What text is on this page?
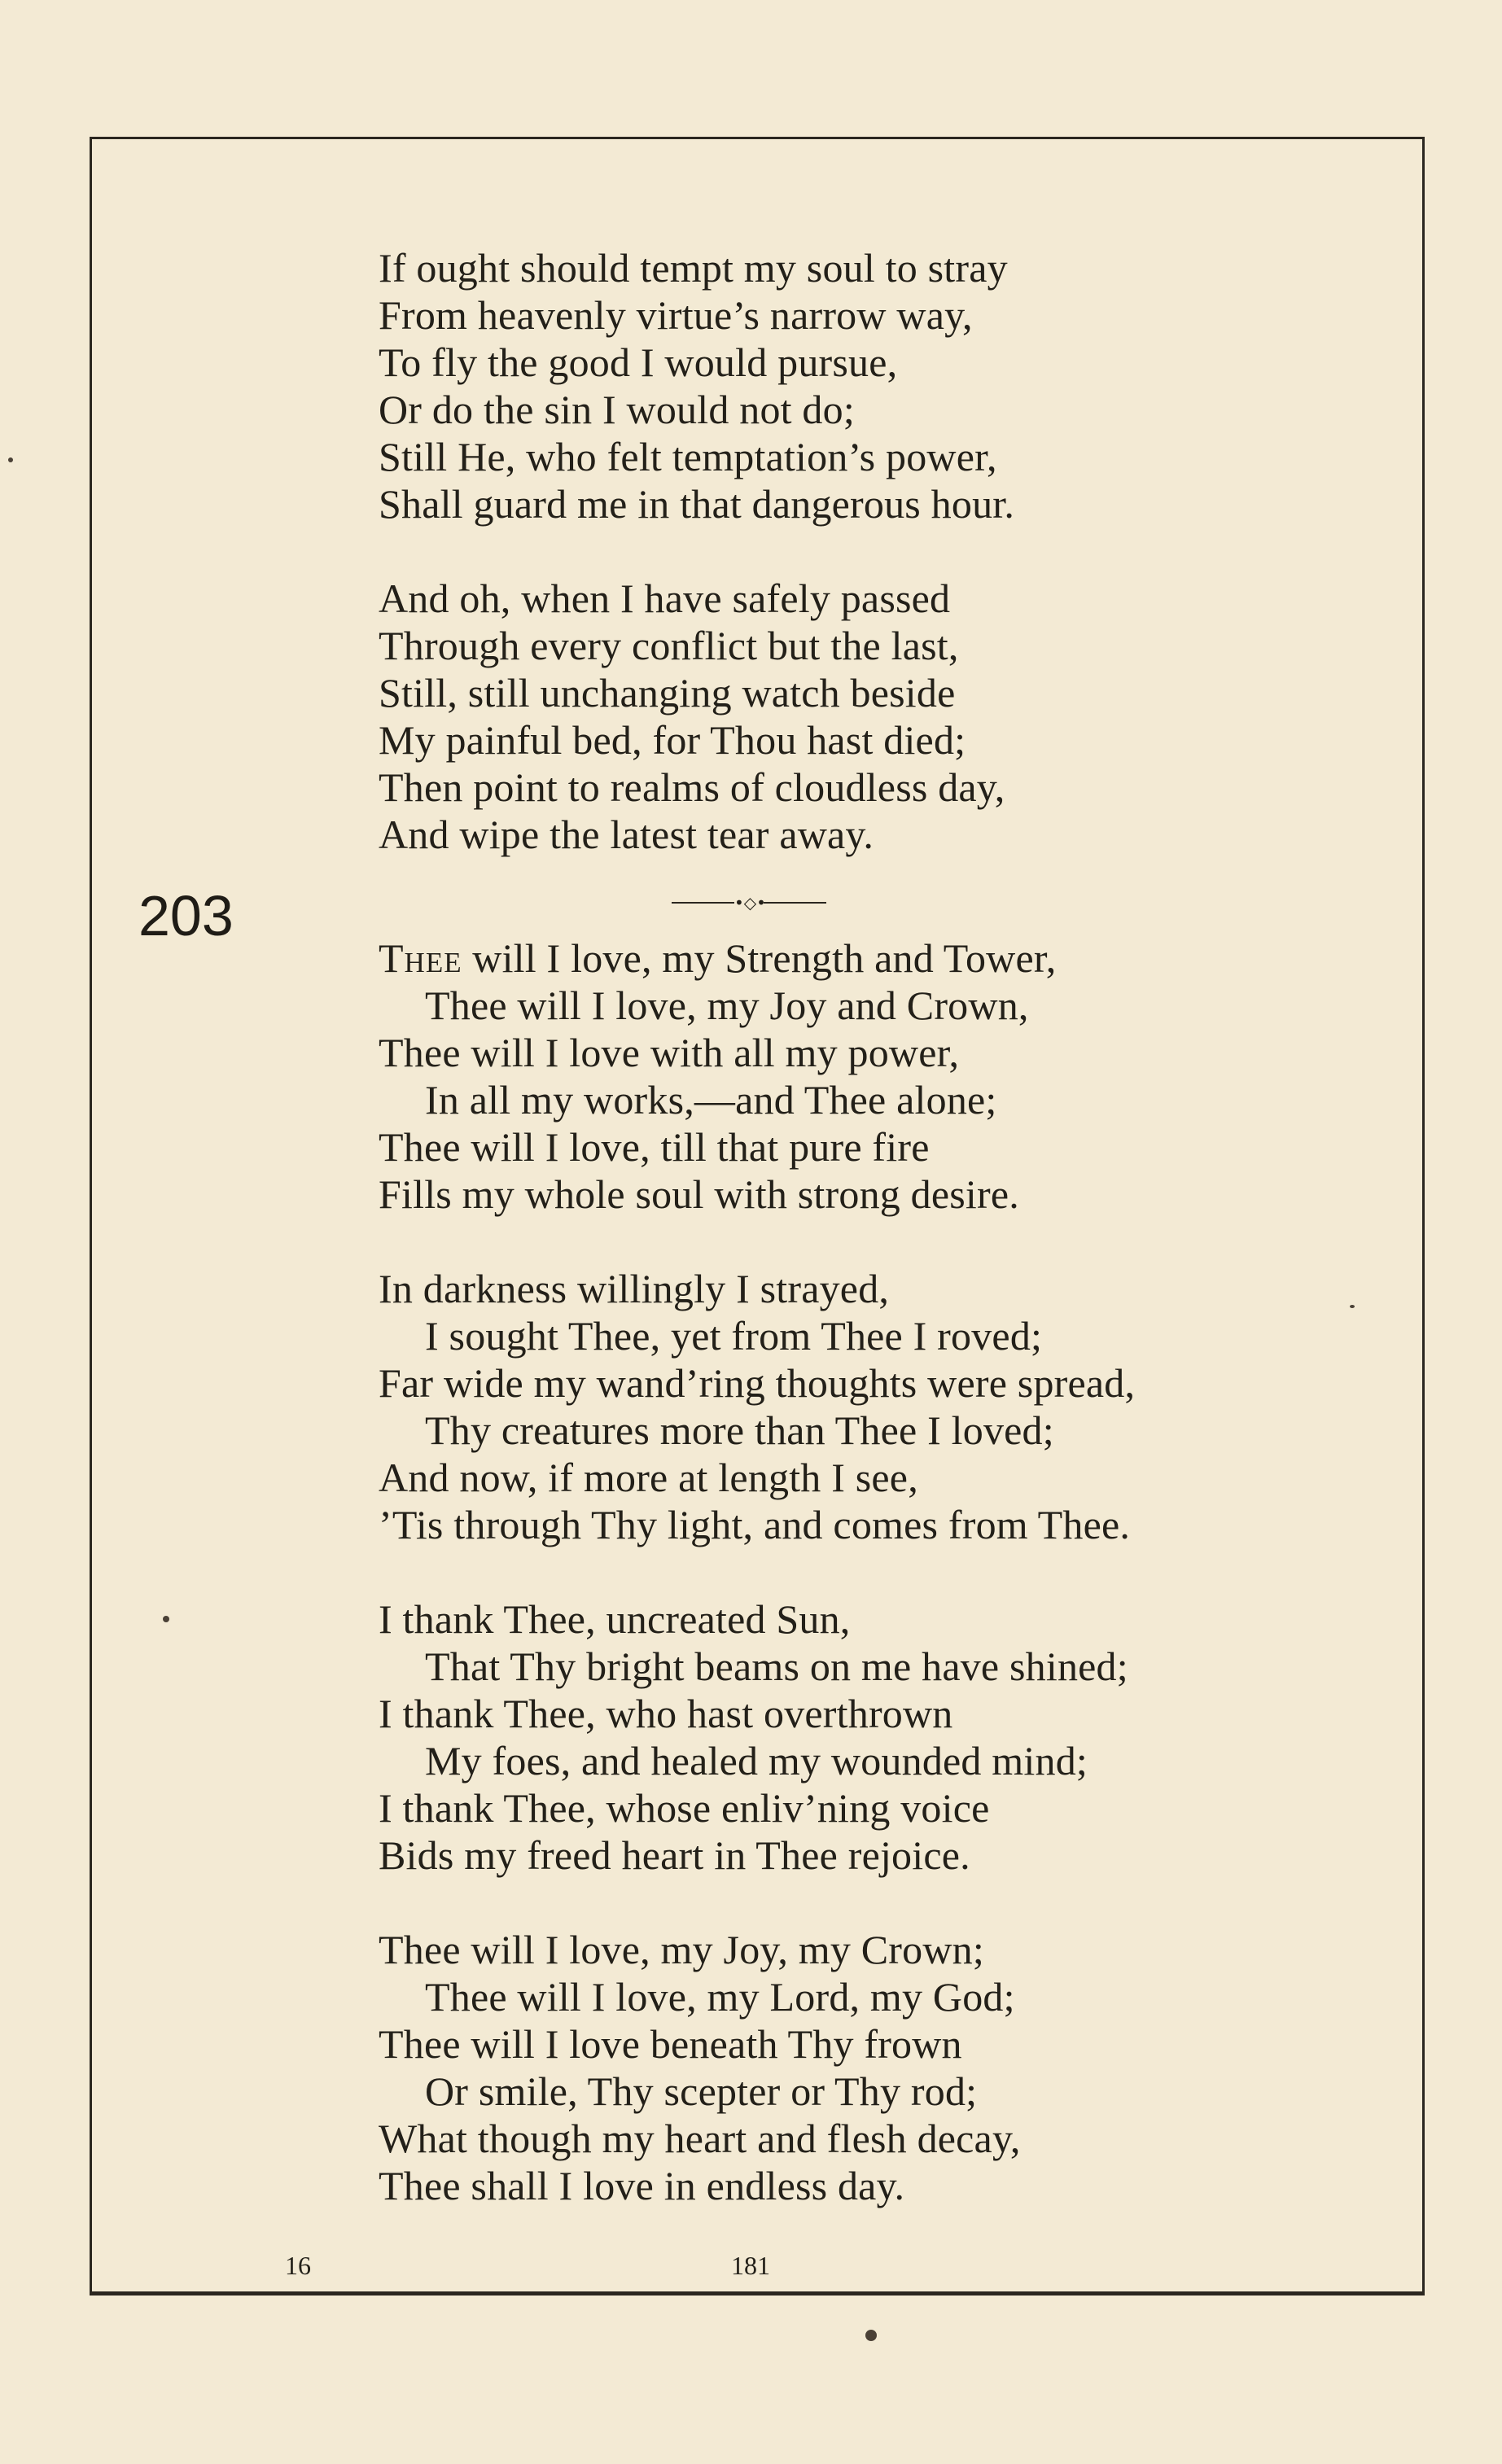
203
If ought should tempt my soul to stray
From heavenly virtue’s narrow way,
To fly the good I would pursue,
Or do the sin I would not do;
Still He, who felt temptation’s power,
Shall guard me in that dangerous hour.
And oh, when I have safely passed
Through every conflict but the last,
Still, still unchanging watch beside
My painful bed, for Thou hast died;
Then point to realms of cloudless day,
And wipe the latest tear away.
•◇•
Thee will I love, my Strength and Tower,
Thee will I love, my Joy and Crown,
Thee will I love with all my power,
In all my works,—and Thee alone;
Thee will I love, till that pure fire
Fills my whole soul with strong desire.
In darkness willingly I strayed,
I sought Thee, yet from Thee I roved;
Far wide my wand’ring thoughts were spread,
Thy creatures more than Thee I loved;
And now, if more at length I see,
’Tis through Thy light, and comes from Thee.
I thank Thee, uncreated Sun,
That Thy bright beams on me have shined;
I thank Thee, who hast overthrown
My foes, and healed my wounded mind;
I thank Thee, whose enliv’ning voice
Bids my freed heart in Thee rejoice.
Thee will I love, my Joy, my Crown;
Thee will I love, my Lord, my God;
Thee will I love beneath Thy frown
Or smile, Thy scepter or Thy rod;
What though my heart and flesh decay,
Thee shall I love in endless day.
16	181
